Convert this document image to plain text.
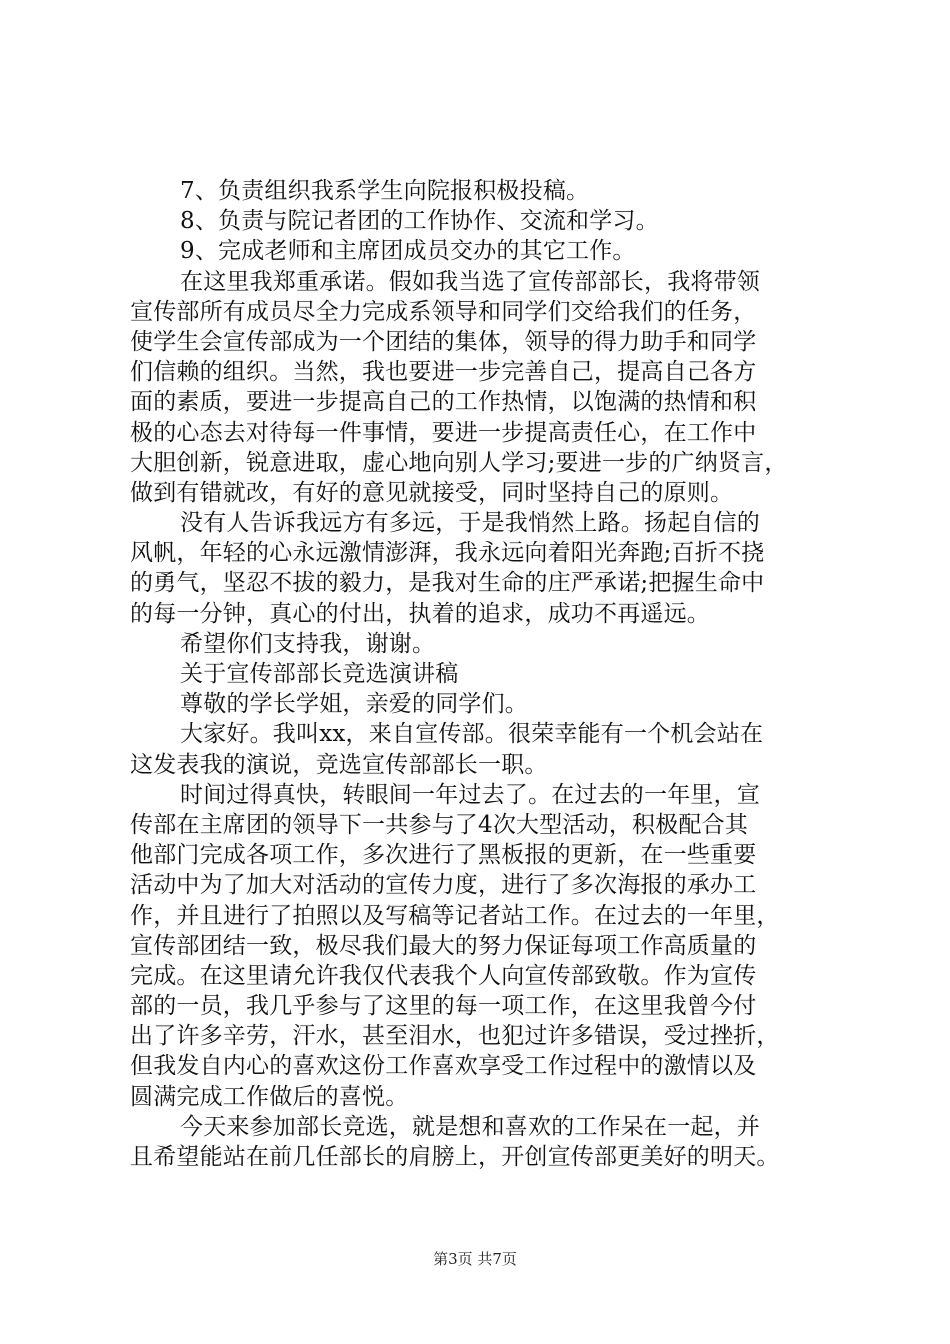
7、负责组织我系学生向院报积极投稿。
8、负责与院记者团的工作协作、交流和学习。
9、完成老师和主席团成员交办的其它工作。
在这里我郑重承诺。假如我当选了宣传部部长，我将带领
宣传部所有成员尽全力完成系领导和同学们交给我们的任务，
使学生会宣传部成为一个团结的集体，领导的得力助手和同学
们信赖的组织。当然，我也要进一步完善自己，提高自己各方
面的素质，要进一步提高自己的工作热情，以饱满的热情和积
极的心态去对待每一件事情，要进一步提高责任心，在工作中
大胆创新，锐意进取，虚心地向别人学习;要进一步的广纳贤言，
做到有错就改，有好的意见就接受，同时坚持自己的原则。
没有人告诉我远方有多远，于是我悄然上路。扬起自信的
风帆，年轻的心永远激情澎湃，我永远向着阳光奔跑;百折不挠
的勇气，坚忍不拔的毅力，是我对生命的庄严承诺;把握生命中
的每一分钟，真心的付出，执着的追求，成功不再遥远。
希望你们支持我，谢谢。
关于宣传部部长竞选演讲稿
尊敬的学长学姐，亲爱的同学们。
大家好。我叫xx，来自宣传部。很荣幸能有一个机会站在
这发表我的演说，竞选宣传部部长一职。
时间过得真快，转眼间一年过去了。在过去的一年里，宣
传部在主席团的领导下一共参与了4次大型活动，积极配合其
他部门完成各项工作，多次进行了黑板报的更新，在一些重要
活动中为了加大对活动的宣传力度，进行了多次海报的承办工
作，并且进行了拍照以及写稿等记者站工作。在过去的一年里，
宣传部团结一致，极尽我们最大的努力保证每项工作高质量的
完成。在这里请允许我仅代表我个人向宣传部致敬。作为宣传
部的一员，我几乎参与了这里的每一项工作，在这里我曾今付
出了许多辛劳，汗水，甚至泪水，也犯过许多错误，受过挫折，
但我发自内心的喜欢这份工作喜欢享受工作过程中的激情以及
圆满完成工作做后的喜悦。
今天来参加部长竞选，就是想和喜欢的工作呆在一起，并
且希望能站在前几任部长的肩膀上，开创宣传部更美好的明天。
第3页 共7页
